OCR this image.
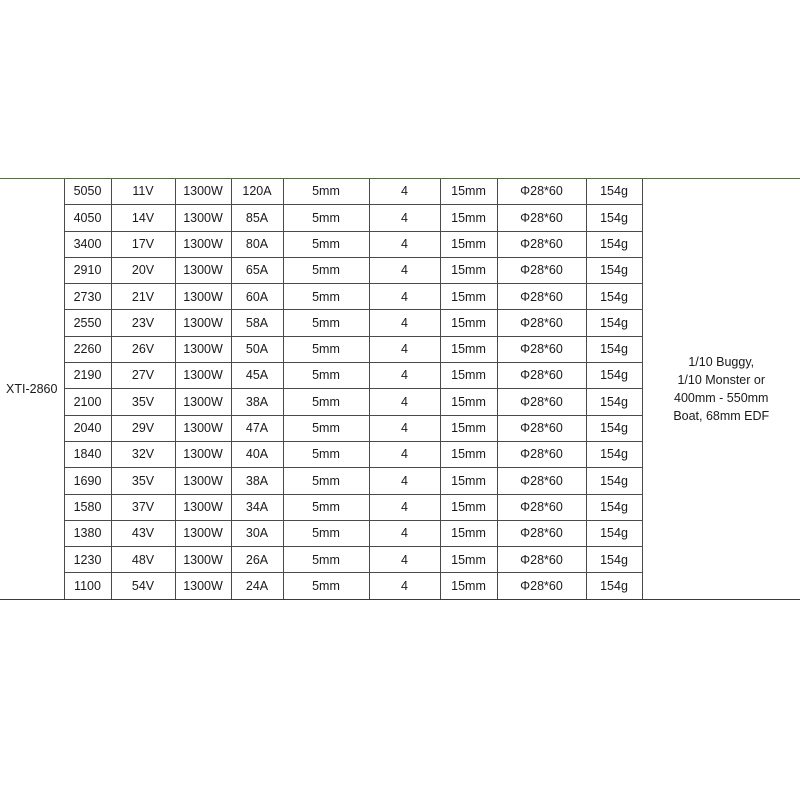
XTI-2860	5050	11V	1300W	120A	5mm	4	15mm	Φ28*60	154g	1/10 Buggy,
1/10 Monster or
400mm - 550mm
Boat, 68mm EDF

	4050	14V	1300W	85A	5mm	4	15mm	Φ28*60	154g	
	3400	17V	1300W	80A	5mm	4	15mm	Φ28*60	154g	
	2910	20V	1300W	65A	5mm	4	15mm	Φ28*60	154g	
	2730	21V	1300W	60A	5mm	4	15mm	Φ28*60	154g	
	2550	23V	1300W	58A	5mm	4	15mm	Φ28*60	154g	
	2260	26V	1300W	50A	5mm	4	15mm	Φ28*60	154g	
	2190	27V	1300W	45A	5mm	4	15mm	Φ28*60	154g	
	2100	35V	1300W	38A	5mm	4	15mm	Φ28*60	154g	
	2040	29V	1300W	47A	5mm	4	15mm	Φ28*60	154g	
	1840	32V	1300W	40A	5mm	4	15mm	Φ28*60	154g	
	1690	35V	1300W	38A	5mm	4	15mm	Φ28*60	154g	
	1580	37V	1300W	34A	5mm	4	15mm	Φ28*60	154g	
	1380	43V	1300W	30A	5mm	4	15mm	Φ28*60	154g	
	1230	48V	1300W	26A	5mm	4	15mm	Φ28*60	154g	
	1100	54V	1300W	24A	5mm	4	15mm	Φ28*60	154g	
